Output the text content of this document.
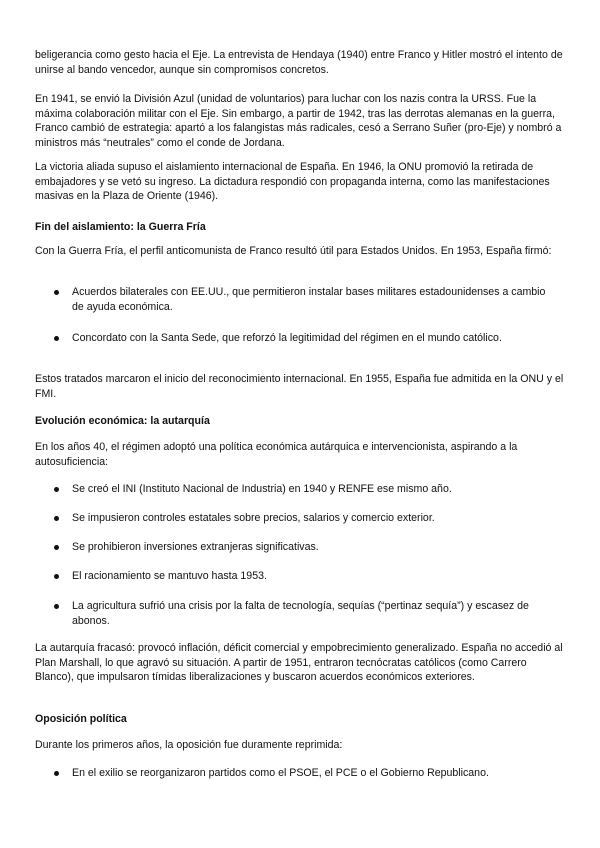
beligerancia como gesto hacia el Eje. La entrevista de Hendaya (1940) entre Franco y Hitler mostró el intento de unirse al bando vencedor, aunque sin compromisos concretos.

En 1941, se envió la División Azul (unidad de voluntarios) para luchar con los nazis contra la URSS. Fue la máxima colaboración militar con el Eje. Sin embargo, a partir de 1942, tras las derrotas alemanas en la guerra, Franco cambió de estrategia: apartó a los falangistas más radicales, cesó a Serrano Suñer (pro-Eje) y nombró a ministros más “neutrales” como el conde de Jordana.

La victoria aliada supuso el aislamiento internacional de España. En 1946, la ONU promovió la retirada de embajadores y se vetó su ingreso. La dictadura respondió con propaganda interna, como las manifestaciones masivas en la Plaza de Oriente (1946).

Fin del aislamiento: la Guerra Fría

Con la Guerra Fría, el perfil anticomunista de Franco resultó útil para Estados Unidos. En 1953, España firmó:

Acuerdos bilaterales con EE.UU., que permitieron instalar bases militares estadounidenses a cambio de ayuda económica.
Concordato con la Santa Sede, que reforzó la legitimidad del régimen en el mundo católico.

Estos tratados marcaron el inicio del reconocimiento internacional. En 1955, España fue admitida en la ONU y el FMI.

Evolución económica: la autarquía

En los años 40, el régimen adoptó una política económica autárquica e intervencionista, aspirando a la autosuficiencia:

Se creó el INI (Instituto Nacional de Industria) en 1940 y RENFE ese mismo año.
Se impusieron controles estatales sobre precios, salarios y comercio exterior.
Se prohibieron inversiones extranjeras significativas.
El racionamiento se mantuvo hasta 1953.
La agricultura sufrió una crisis por la falta de tecnología, sequías (“pertinaz sequía”) y escasez de abonos.

La autarquía fracasó: provocó inflación, déficit comercial y empobrecimiento generalizado. España no accedió al Plan Marshall, lo que agravó su situación. A partir de 1951, entraron tecnócratas católicos (como Carrero Blanco), que impulsaron tímidas liberalizaciones y buscaron acuerdos económicos exteriores.

Oposición política

Durante los primeros años, la oposición fue duramente reprimida:

En el exilio se reorganizaron partidos como el PSOE, el PCE o el Gobierno Republicano.
